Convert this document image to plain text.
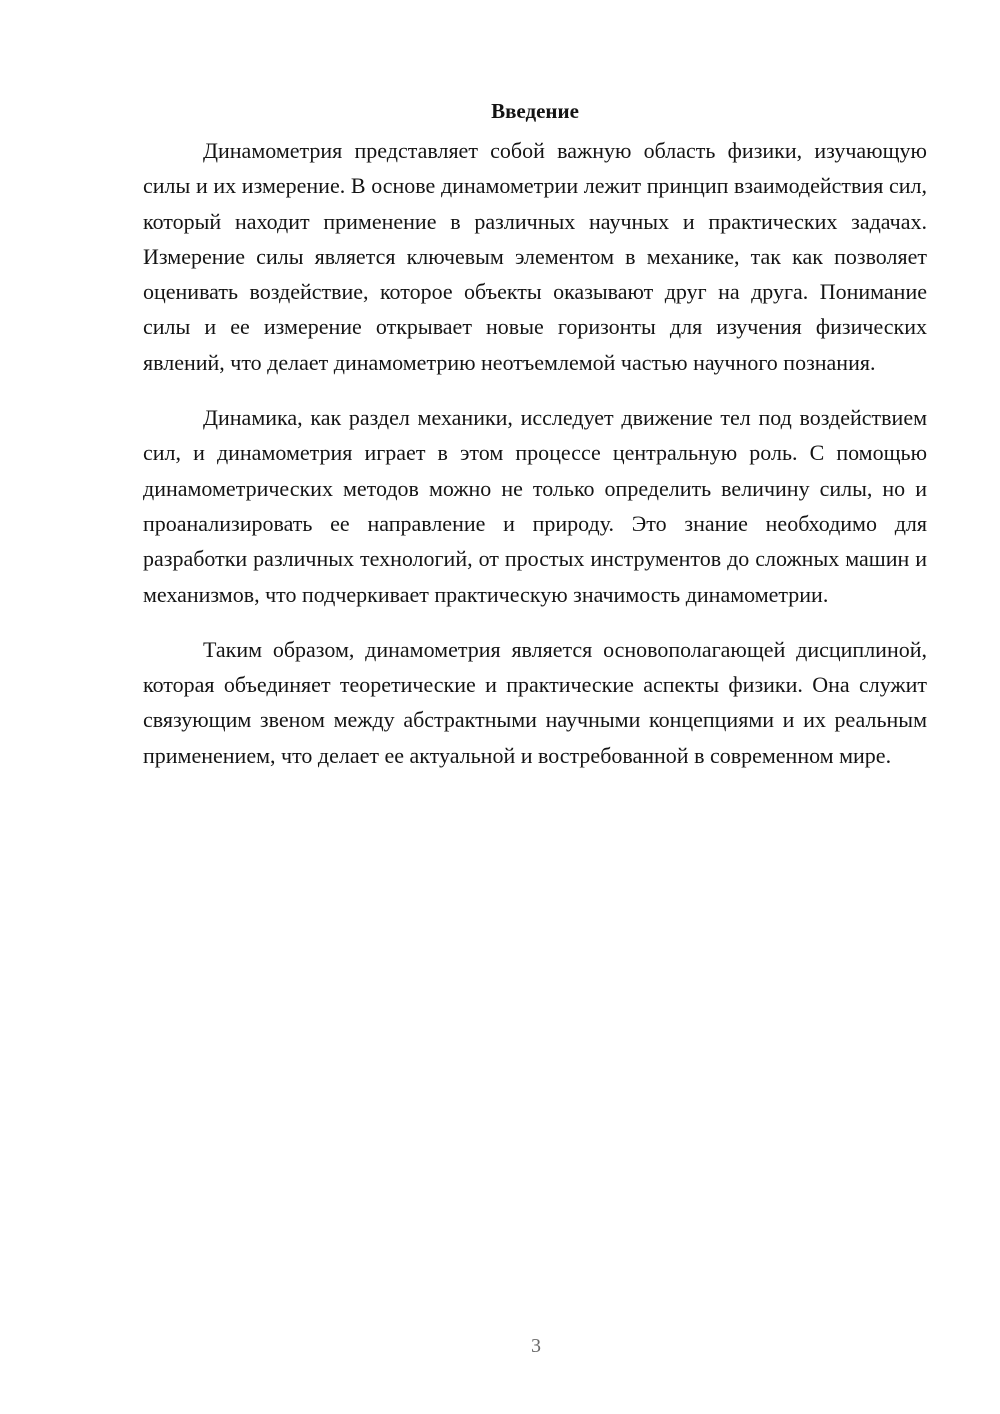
Введение

Динамометрия представляет собой важную область физики, изучающую силы и их измерение. В основе динамометрии лежит принцип взаимодействия сил, который находит применение в различных научных и практических задачах. Измерение силы является ключевым элементом в механике, так как позволяет оценивать воздействие, которое объекты оказывают друг на друга. Понимание силы и ее измерение открывает новые горизонты для изучения физических явлений, что делает динамометрию неотъемлемой частью научного познания.

Динамика, как раздел механики, исследует движение тел под воздействием сил, и динамометрия играет в этом процессе центральную роль. С помощью динамометрических методов можно не только определить величину силы, но и проанализировать ее направление и природу. Это знание необходимо для разработки различных технологий, от простых инструментов до сложных машин и механизмов, что подчеркивает практическую значимость динамометрии.

Таким образом, динамометрия является основополагающей дисциплиной, которая объединяет теоретические и практические аспекты физики. Она служит связующим звеном между абстрактными научными концепциями и их реальным применением, что делает ее актуальной и востребованной в современном мире.

3
